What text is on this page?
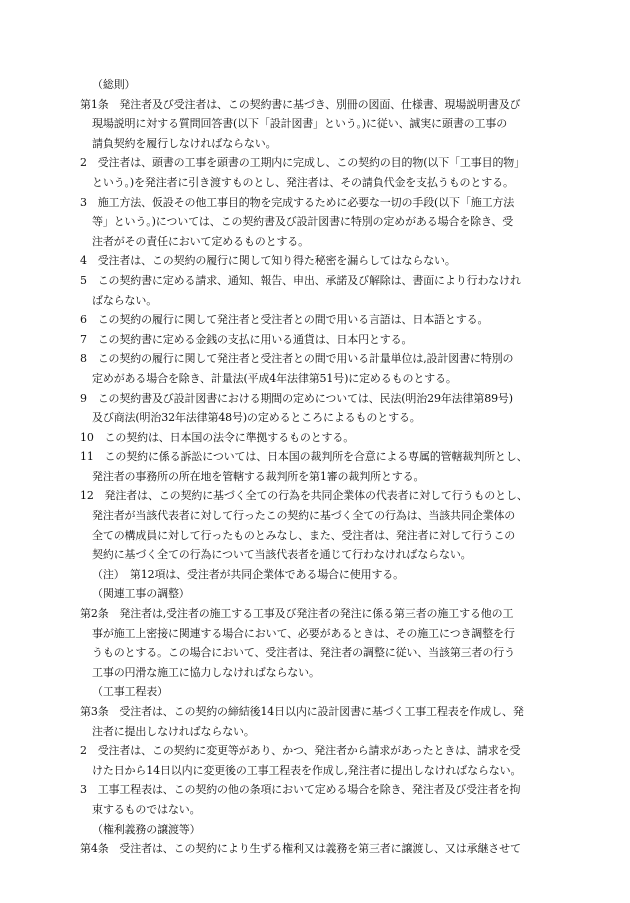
（総則）
第1条　発注者及び受注者は、この契約書に基づき、別冊の図面、仕様書、現場説明書及び
現場説明に対する質問回答書(以下「設計図書」という。)に従い、誠実に頭書の工事の
請負契約を履行しなければならない。
2　受注者は、頭書の工事を頭書の工期内に完成し、この契約の目的物(以下「工事目的物」
という。)を発注者に引き渡すものとし、発注者は、その請負代金を支払うものとする。
3　施工方法、仮設その他工事目的物を完成するために必要な一切の手段(以下「施工方法
等」という。)については、この契約書及び設計図書に特別の定めがある場合を除き、受
注者がその責任において定めるものとする。
4　受注者は、この契約の履行に関して知り得た秘密を漏らしてはならない。
5　この契約書に定める請求、通知、報告、申出、承諾及び解除は、書面により行わなけれ
ばならない。
6　この契約の履行に関して発注者と受注者との間で用いる言語は、日本語とする。
7　この契約書に定める金銭の支払に用いる通貨は、日本円とする。
8　この契約の履行に関して発注者と受注者との間で用いる計量単位は,設計図書に特別の
定めがある場合を除き、計量法(平成4年法律第51号)に定めるものとする。
9　この契約書及び設計図書における期間の定めについては、民法(明治29年法律第89号)
及び商法(明治32年法律第48号)の定めるところによるものとする。
10　この契約は、日本国の法令に準拠するものとする。
11　この契約に係る訴訟については、日本国の裁判所を合意による専属的管轄裁判所とし、
発注者の事務所の所在地を管轄する裁判所を第1審の裁判所とする。
12　発注者は、この契約に基づく全ての行為を共同企業体の代表者に対して行うものとし、
発注者が当該代表者に対して行ったこの契約に基づく全ての行為は、当該共同企業体の
全ての構成員に対して行ったものとみなし、また、受注者は、発注者に対して行うこの
契約に基づく全ての行為について当該代表者を通じて行わなければならない。
（注）　第12項は、受注者が共同企業体である場合に使用する。
（関連工事の調整）
第2条　発注者は,受注者の施工する工事及び発注者の発注に係る第三者の施工する他の工
事が施工上密接に関連する場合において、必要があるときは、その施工につき調整を行
うものとする。この場合において、受注者は、発注者の調整に従い、当該第三者の行う
工事の円滑な施工に協力しなければならない。
（工事工程表）
第3条　受注者は、この契約の締結後14日以内に設計図書に基づく工事工程表を作成し、発
注者に提出しなければならない。
2　受注者は、この契約に変更等があり、かつ、発注者から請求があったときは、請求を受
けた日から14日以内に変更後の工事工程表を作成し,発注者に提出しなければならない。
3　工事工程表は、この契約の他の条項において定める場合を除き、発注者及び受注者を拘
束するものではない。
（権利義務の譲渡等）
第4条　受注者は、この契約により生ずる権利又は義務を第三者に譲渡し、又は承継させて
